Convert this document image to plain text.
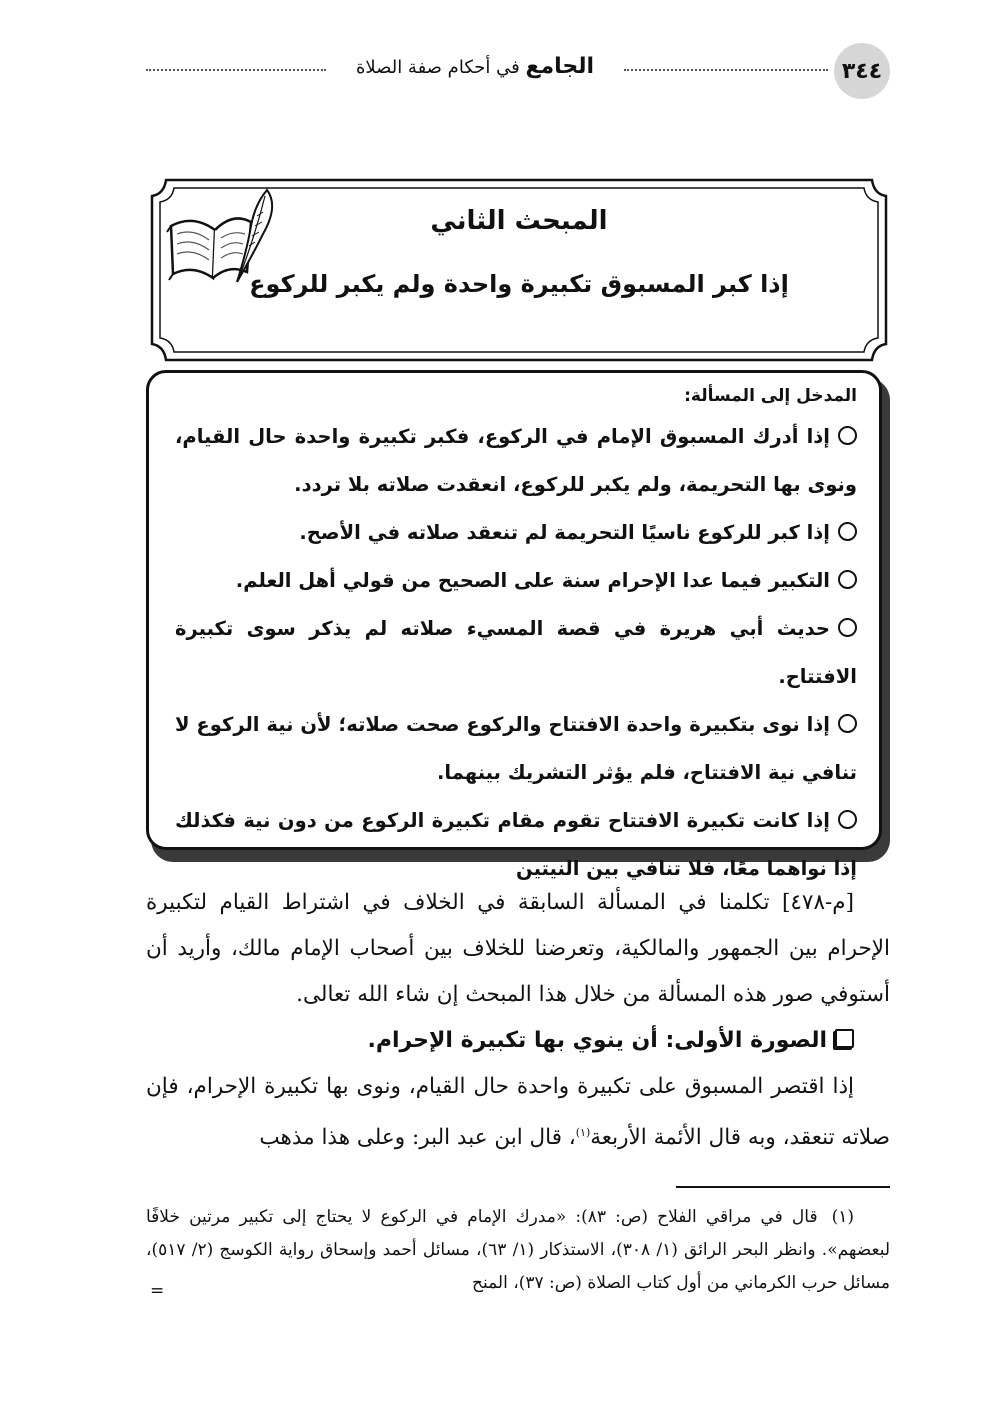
٣٤٤
الجامع في أحكام صفة الصلاة
المبحث الثاني
إذا كبر المسبوق تكبيرة واحدة ولم يكبر للركوع
المدخل إلى المسألة:
إذا أدرك المسبوق الإمام في الركوع، فكبر تكبيرة واحدة حال القيام، ونوى بها التحريمة، ولم يكبر للركوع، انعقدت صلاته بلا تردد.
إذا كبر للركوع ناسيًا التحريمة لم تنعقد صلاته في الأصح.
التكبير فيما عدا الإحرام سنة على الصحيح من قولي أهل العلم.
حديث أبي هريرة في قصة المسيء صلاته لم يذكر سوى تكبيرة الافتتاح.
إذا نوى بتكبيرة واحدة الافتتاح والركوع صحت صلاته؛ لأن نية الركوع لا تنافي نية الافتتاح، فلم يؤثر التشريك بينهما.
إذا كانت تكبيرة الافتتاح تقوم مقام تكبيرة الركوع من دون نية فكذلك إذا نواهما معًا، فلا تنافي بين النيتين

[م-٤٧٨] تكلمنا في المسألة السابقة في الخلاف في اشتراط القيام لتكبيرة الإحرام بين الجمهور والمالكية، وتعرضنا للخلاف بين أصحاب الإمام مالك، وأريد أن أستوفي صور هذه المسألة من خلال هذا المبحث إن شاء الله تعالى.

الصورة الأولى: أن ينوي بها تكبيرة الإحرام.

إذا اقتصر المسبوق على تكبيرة واحدة حال القيام، ونوى بها تكبيرة الإحرام، فإن صلاته تنعقد، وبه قال الأئمة الأربعة$^{(١)}$، قال ابن عبد البر: وعلى هذا مذهب

(١)قال في مراقي الفلاح (ص: ٨٣): «مدرك الإمام في الركوع لا يحتاج إلى تكبير مرتين خلافًا لبعضهم». وانظر البحر الرائق (١/ ٣٠٨)، الاستذكار (١/ ٦٣)، مسائل أحمد وإسحاق رواية الكوسج (٢/ ٥١٧)، مسائل حرب الكرماني من أول كتاب الصلاة (ص: ٣٧)، المنح

=
